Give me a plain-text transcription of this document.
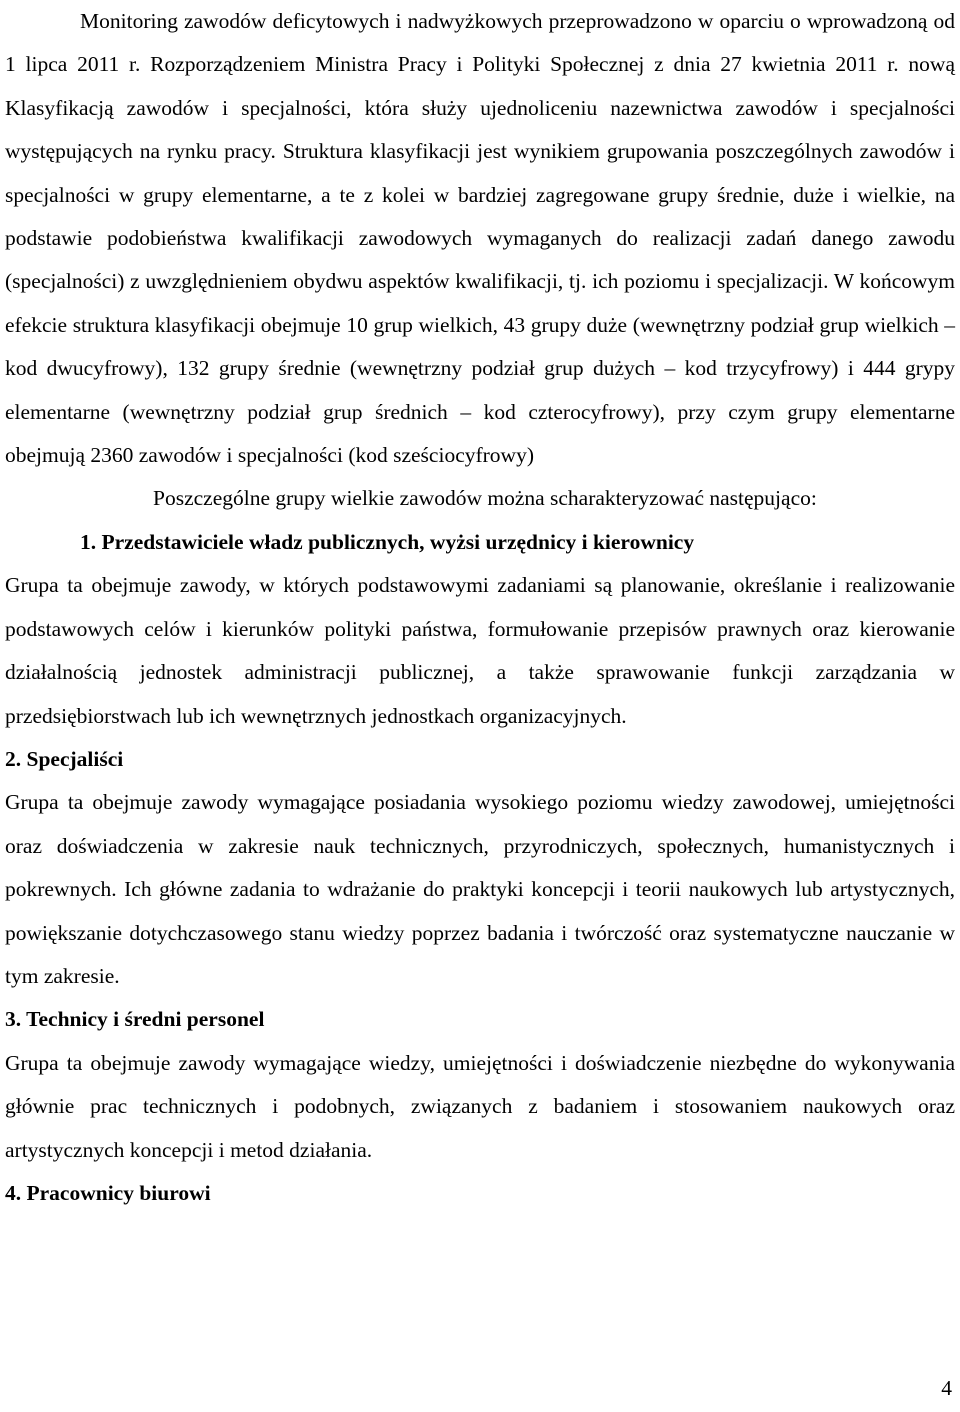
Monitoring zawodów deficytowych i nadwyżkowych przeprowadzono w oparciu o wprowadzoną od 1 lipca 2011 r. Rozporządzeniem Ministra Pracy i Polityki Społecznej z dnia 27 kwietnia 2011 r. nową Klasyfikacją zawodów i specjalności, która służy ujednoliceniu nazewnictwa zawodów i specjalności występujących na rynku pracy. Struktura klasyfikacji jest wynikiem grupowania poszczególnych zawodów i specjalności w grupy elementarne, a te z kolei w bardziej zagregowane grupy średnie, duże i wielkie, na podstawie podobieństwa kwalifikacji zawodowych wymaganych do realizacji zadań danego zawodu (specjalności) z uwzględnieniem obydwu aspektów kwalifikacji, tj. ich poziomu i specjalizacji. W końcowym efekcie struktura klasyfikacji obejmuje 10 grup wielkich, 43 grupy duże (wewnętrzny podział grup wielkich – kod dwucyfrowy), 132 grupy średnie (wewnętrzny podział grup dużych – kod trzycyfrowy) i 444 grypy elementarne (wewnętrzny podział grup średnich – kod czterocyfrowy), przy czym grupy elementarne obejmują 2360 zawodów i specjalności (kod sześciocyfrowy)

Poszczególne grupy wielkie zawodów można scharakteryzować następująco:

1. Przedstawiciele władz publicznych, wyżsi urzędnicy i kierownicy

Grupa ta obejmuje zawody, w których podstawowymi zadaniami są planowanie, określanie i realizowanie podstawowych celów i kierunków polityki państwa, formułowanie przepisów prawnych oraz kierowanie działalnością jednostek administracji publicznej, a także sprawowanie funkcji zarządzania w przedsiębiorstwach lub ich wewnętrznych jednostkach organizacyjnych.

2. Specjaliści

Grupa ta obejmuje zawody wymagające posiadania wysokiego poziomu wiedzy zawodowej, umiejętności oraz doświadczenia w zakresie nauk technicznych, przyrodniczych, społecznych, humanistycznych i pokrewnych. Ich główne zadania to wdrażanie do praktyki koncepcji i teorii naukowych lub artystycznych, powiększanie dotychczasowego stanu wiedzy poprzez badania i twórczość oraz systematyczne nauczanie w tym zakresie.

3. Technicy i średni personel

Grupa ta obejmuje zawody wymagające wiedzy, umiejętności i doświadczenie niezbędne do wykonywania głównie prac technicznych i podobnych, związanych z badaniem i stosowaniem naukowych oraz artystycznych koncepcji i metod działania.

4. Pracownicy biurowi

4
